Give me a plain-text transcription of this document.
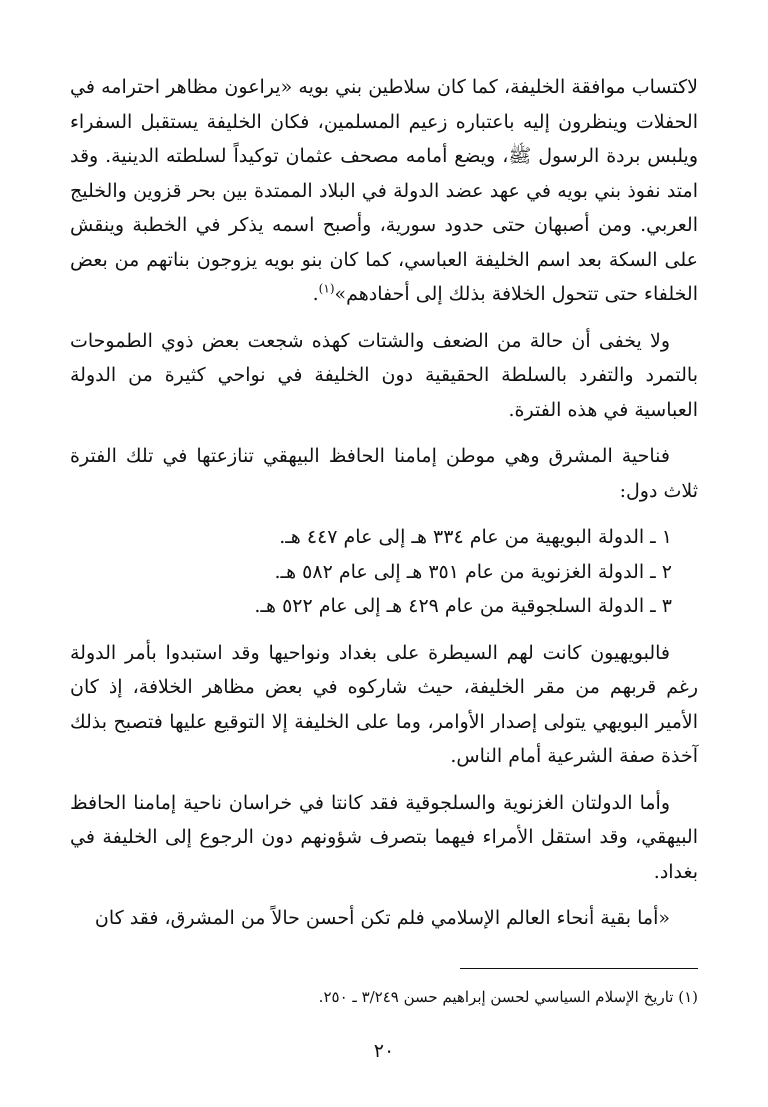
لاكتساب موافقة الخليفة، كما كان سلاطين بني بويه «يراعون مظاهر احترامه في الحفلات وينظرون إليه باعتباره زعيم المسلمين، فكان الخليفة يستقبل السفراء ويلبس بردة الرسول ﷺ، ويضع أمامه مصحف عثمان توكيداً لسلطته الدينية. وقد امتد نفوذ بني بويه في عهد عضد الدولة في البلاد الممتدة بين بحر قزوين والخليج العربي. ومن أصبهان حتى حدود سورية، وأصبح اسمه يذكر في الخطبة وينقش على السكة بعد اسم الخليفة العباسي، كما كان بنو بويه يزوجون بناتهم من بعض الخلفاء حتى تتحول الخلافة بذلك إلى أحفادهم»$^{(١)}$.

ولا يخفى أن حالة من الضعف والشتات كهذه شجعت بعض ذوي الطموحات بالتمرد والتفرد بالسلطة الحقيقية دون الخليفة في نواحي كثيرة من الدولة العباسية في هذه الفترة.

فناحية المشرق وهي موطن إمامنا الحافظ البيهقي تنازعتها في تلك الفترة ثلاث دول:

١ ـ الدولة البويهية من عام ٣٣٤ هـ إلى عام ٤٤٧ هـ.
٢ ـ الدولة الغزنوية من عام ٣٥١ هـ إلى عام ٥٨٢ هـ.
٣ ـ الدولة السلجوقية من عام ٤٢٩ هـ إلى عام ٥٢٢ هـ.

فالبويهيون كانت لهم السيطرة على بغداد ونواحيها وقد استبدوا بأمر الدولة رغم قربهم من مقر الخليفة، حيث شاركوه في بعض مظاهر الخلافة، إذ كان الأمير البويهي يتولى إصدار الأوامر، وما على الخليفة إلا التوقيع عليها فتصبح بذلك آخذة صفة الشرعية أمام الناس.

وأما الدولتان الغزنوية والسلجوقية فقد كانتا في خراسان ناحية إمامنا الحافظ البيهقي، وقد استقل الأمراء فيهما بتصرف شؤونهم دون الرجوع إلى الخليفة في بغداد.

«أما بقية أنحاء العالم الإسلامي فلم تكن أحسن حالاً من المشرق، فقد كان

(١) تاريخ الإسلام السياسي لحسن إبراهيم حسن ٣/٢٤٩ ـ ٢٥٠.
٢٠
